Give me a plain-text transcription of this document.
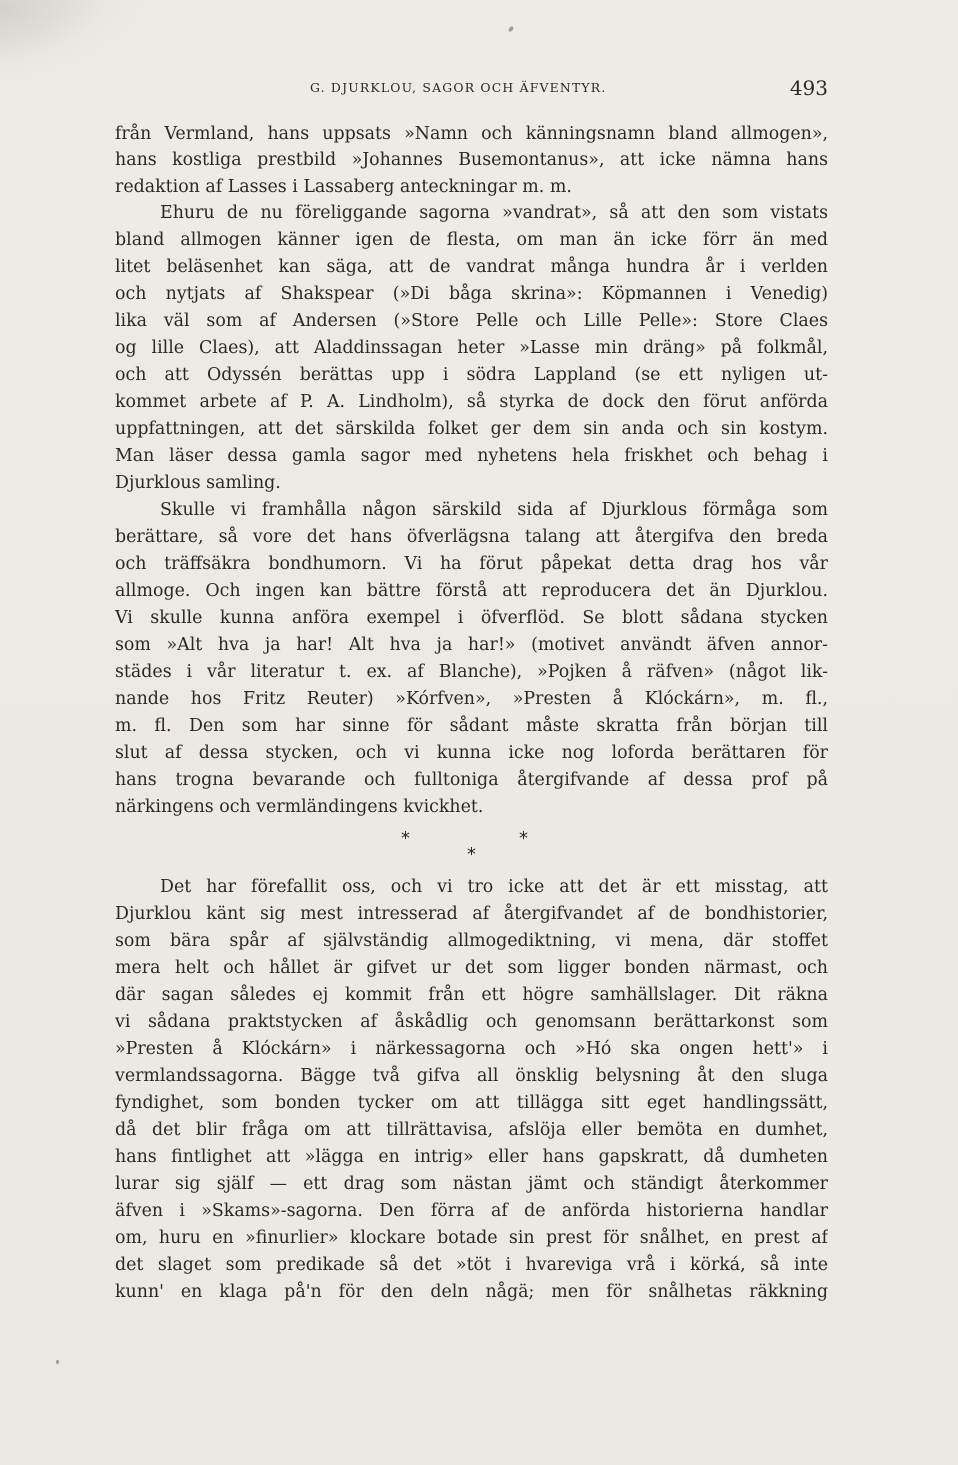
G. DJURKLOU, SAGOR OCH ÄFVENTYR.	493
från Vermland, hans uppsats »Namn och känningsnamn bland allmogen»,
hans kostliga prestbild »Johannes Busemontanus», att icke nämna hans
redaktion af Lasses i Lassaberg anteckningar m. m.
Ehuru de nu föreliggande sagorna »vandrat», så att den som vistats
bland allmogen känner igen de flesta, om man än icke förr än med
litet beläsenhet kan säga, att de vandrat många hundra år i verlden
och nytjats af Shakspear (»Di båga skrina»: Köpmannen i Venedig)
lika väl som af Andersen (»Store Pelle och Lille Pelle»: Store Claes
og lille Claes), att Aladdinssagan heter »Lasse min dräng» på folkmål,
och att Odyssén berättas upp i södra Lappland (se ett nyligen ut-
kommet arbete af P. A. Lindholm), så styrka de dock den förut anförda
uppfattningen, att det särskilda folket ger dem sin anda och sin kostym.
Man läser dessa gamla sagor med nyhetens hela friskhet och behag i
Djurklous samling.
Skulle vi framhålla någon särskild sida af Djurklous förmåga som
berättare, så vore det hans öfverlägsna talang att återgifva den breda
och träffsäkra bondhumorn. Vi ha förut påpekat detta drag hos vår
allmoge. Och ingen kan bättre förstå att reproducera det än Djurklou.
Vi skulle kunna anföra exempel i öfverflöd. Se blott sådana stycken
som »Alt hva ja har! Alt hva ja har!» (motivet användt äfven annor-
städes i vår literatur t. ex. af Blanche), »Pojken å räfven» (något lik-
nande hos Fritz Reuter) »Kórfven», »Presten å Klóckárn», m. fl.,
m. fl. Den som har sinne för sådant måste skratta från början till
slut af dessa stycken, och vi kunna icke nog loforda berättaren för
hans trogna bevarande och fulltoniga återgifvande af dessa prof på
närkingens och vermländingens kvickhet.
*	*
*
Det har förefallit oss, och vi tro icke att det är ett misstag, att
Djurklou känt sig mest intresserad af återgifvandet af de bondhistorier,
som bära spår af självständig allmogediktning, vi mena, där stoffet
mera helt och hållet är gifvet ur det som ligger bonden närmast, och
där sagan således ej kommit från ett högre samhällslager. Dit räkna
vi sådana praktstycken af åskådlig och genomsann berättarkonst som
»Presten å Klóckárn» i närkessagorna och »Hó ska ongen hett'» i
vermlandssagorna. Bägge två gifva all önsklig belysning åt den sluga
fyndighet, som bonden tycker om att tillägga sitt eget handlingssätt,
då det blir fråga om att tillrättavisa, afslöja eller bemöta en dumhet,
hans fintlighet att »lägga en intrig» eller hans gapskratt, då dumheten
lurar sig själf — ett drag som nästan jämt och ständigt återkommer
äfven i »Skams»-sagorna. Den förra af de anförda historierna handlar
om, huru en »finurlier» klockare botade sin prest för snålhet, en prest af
det slaget som predikade så det »töt i hvareviga vrå i körká, så inte
kunn' en klaga på'n för den deln någä; men för snålhetas räkkning
